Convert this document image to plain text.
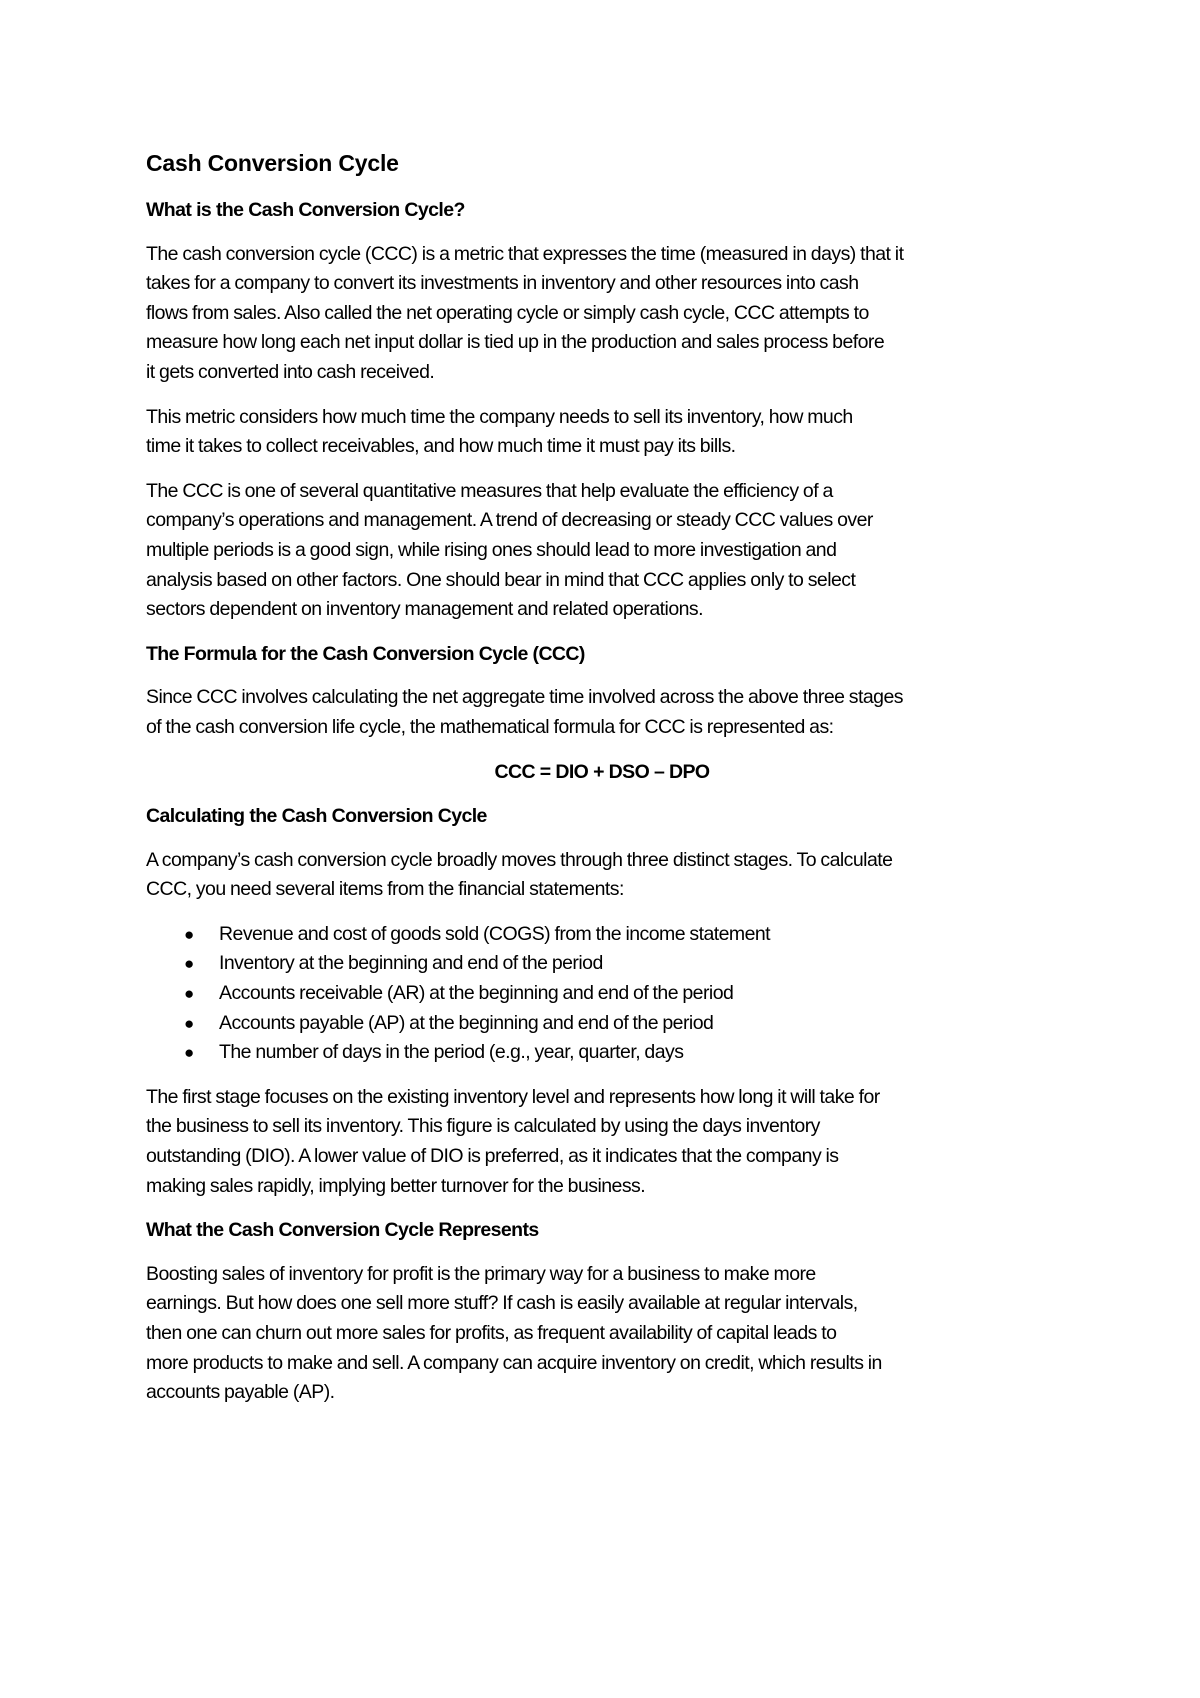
Cash Conversion Cycle
What is the Cash Conversion Cycle?
The cash conversion cycle (CCC) is a metric that expresses the time (measured in days) that it
takes for a company to convert its investments in inventory and other resources into cash
flows from sales. Also called the net operating cycle or simply cash cycle, CCC attempts to
measure how long each net input dollar is tied up in the production and sales process before
it gets converted into cash received.
This metric considers how much time the company needs to sell its inventory, how much
time it takes to collect receivables, and how much time it must pay its bills.
The CCC is one of several quantitative measures that help evaluate the efficiency of a
company’s operations and management. A trend of decreasing or steady CCC values over
multiple periods is a good sign, while rising ones should lead to more investigation and
analysis based on other factors. One should bear in mind that CCC applies only to select
sectors dependent on inventory management and related operations.
The Formula for the Cash Conversion Cycle (CCC)
Since CCC involves calculating the net aggregate time involved across the above three stages
of the cash conversion life cycle, the mathematical formula for CCC is represented as:
CCC = DIO + DSO – DPO
Calculating the Cash Conversion Cycle
A company’s cash conversion cycle broadly moves through three distinct stages. To calculate
CCC, you need several items from the financial statements:
● Revenue and cost of goods sold (COGS) from the income statement
● Inventory at the beginning and end of the period
● Accounts receivable (AR) at the beginning and end of the period
● Accounts payable (AP) at the beginning and end of the period
● The number of days in the period (e.g., year, quarter, days
The first stage focuses on the existing inventory level and represents how long it will take for
the business to sell its inventory. This figure is calculated by using the days inventory
outstanding (DIO). A lower value of DIO is preferred, as it indicates that the company is
making sales rapidly, implying better turnover for the business.
What the Cash Conversion Cycle Represents
Boosting sales of inventory for profit is the primary way for a business to make more
earnings. But how does one sell more stuff? If cash is easily available at regular intervals,
then one can churn out more sales for profits, as frequent availability of capital leads to
more products to make and sell. A company can acquire inventory on credit, which results in
accounts payable (AP).
